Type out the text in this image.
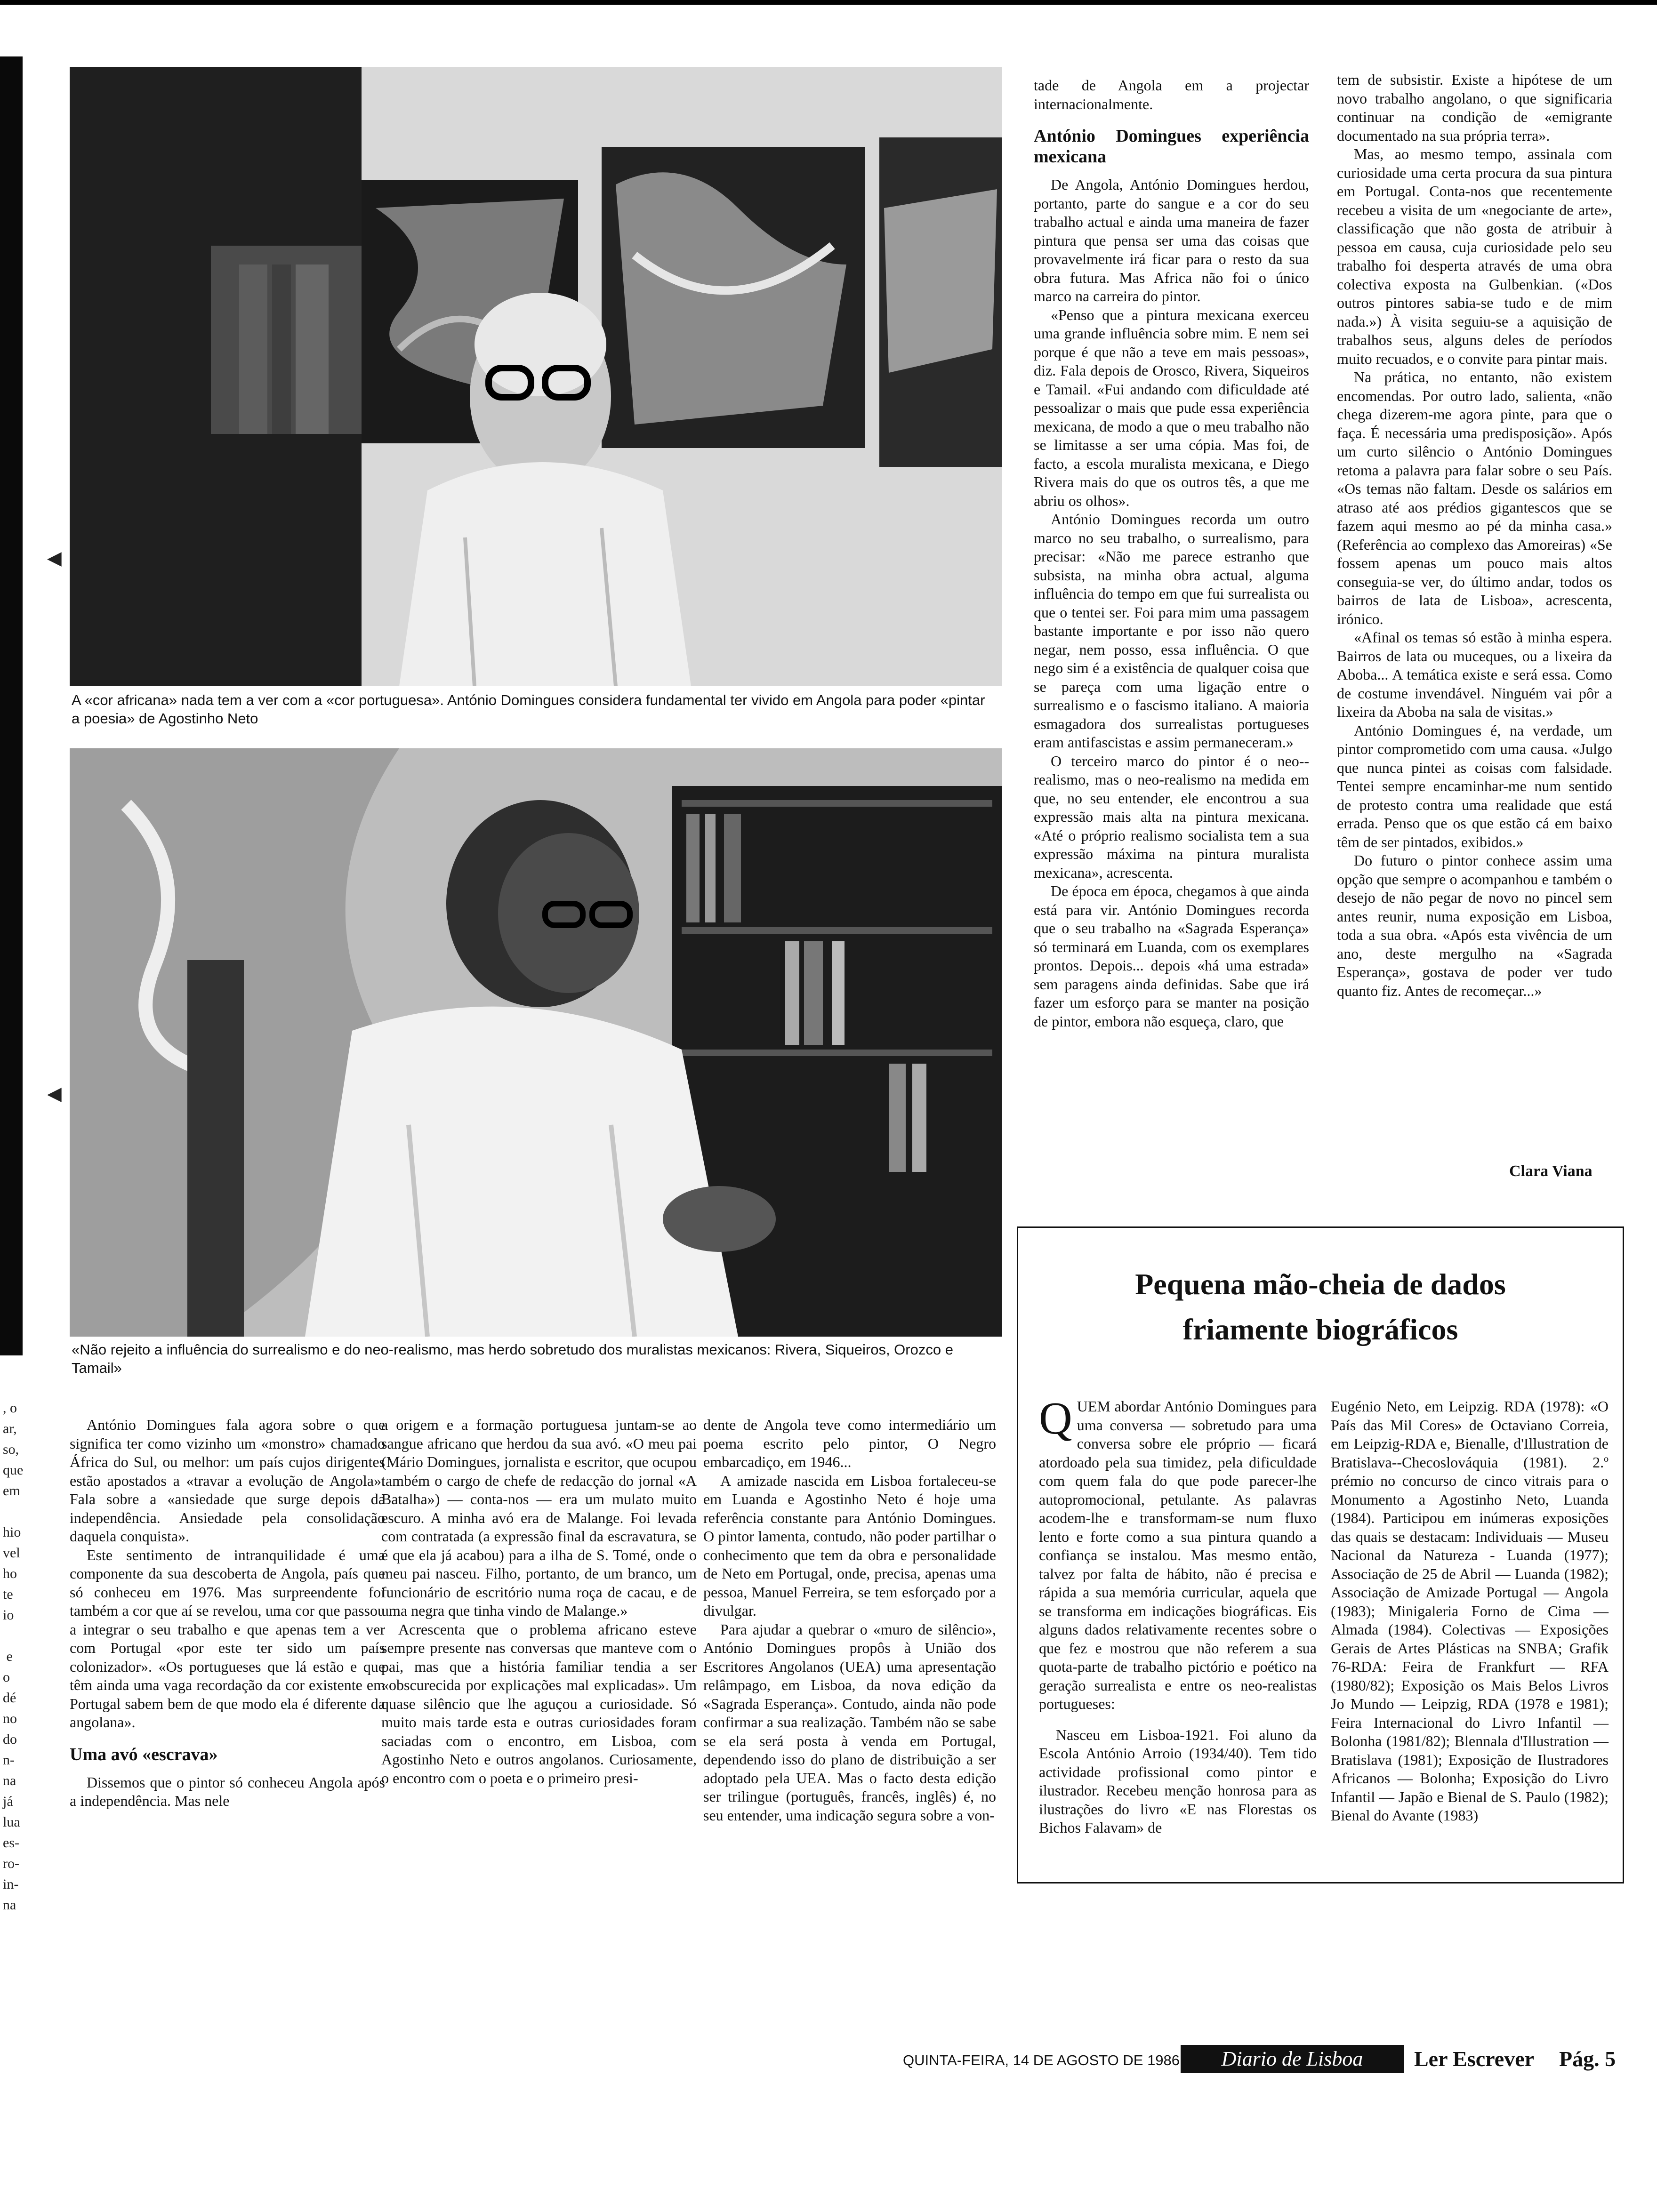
, o
ar,
so,
que
em

hio
vel
ho
te
io

e
o
dé
no
do
n-
na
já
lua
es-
ro-
in-
na
A «cor africana» nada tem a ver com a «cor portuguesa». António Domingues considera fundamental ter vivido em Angola para poder «pintar a poesia» de Agostinho Neto
«Não rejeito a influência do surrealismo e do neo-realismo, mas herdo sobretudo dos muralistas mexicanos: Rivera, Siqueiros, Orozco e Tamail»
◀
◀

tade de Angola em a projectar internacionalmente.

António Domingues experiência mexicana

De Angola, António Domingues herdou, portanto, parte do sangue e a cor do seu trabalho actual e ainda uma maneira de fazer pintura que pensa ser uma das coisas que provavelmente irá ficar para o resto da sua obra futura. Mas Africa não foi o único marco na carreira do pintor.

«Penso que a pintura mexicana exerceu uma grande influência sobre mim. E nem sei porque é que não a teve em mais pessoas», diz. Fala depois de Orosco, Rivera, Siqueiros e Tamail. «Fui andando com dificuldade até pessoalizar o mais que pude essa experiência mexicana, de modo a que o meu trabalho não se limitasse a ser uma cópia. Mas foi, de facto, a escola muralista mexicana, e Diego Rivera mais do que os outros tês, a que me abriu os olhos».

António Domingues recorda um outro marco no seu trabalho, o surrealismo, para precisar: «Não me parece estranho que subsista, na minha obra actual, alguma influência do tempo em que fui surrealista ou que o tentei ser. Foi para mim uma passagem bastante importante e por isso não quero negar, nem posso, essa influência. O que nego sim é a existência de qualquer coisa que se pareça com uma ligação entre o surrealismo e o fascismo italiano. A maioria esmagadora dos surrealistas portugueses eram antifascistas e assim permaneceram.»

O terceiro marco do pintor é o neo--realismo, mas o neo-realismo na medida em que, no seu entender, ele encontrou a sua expressão mais alta na pintura mexicana. «Até o próprio realismo socialista tem a sua expressão máxima na pintura muralista mexicana», acrescenta.

De época em época, chegamos à que ainda está para vir. António Domingues recorda que o seu trabalho na «Sagrada Esperança» só terminará em Luanda, com os exemplares prontos. Depois... depois «há uma estrada» sem paragens ainda definidas. Sabe que irá fazer um esforço para se manter na posição de pintor, embora não esqueça, claro, que

tem de subsistir. Existe a hipótese de um novo trabalho angolano, o que significaria continuar na condição de «emigrante documentado na sua própria terra».

Mas, ao mesmo tempo, assinala com curiosidade uma certa procura da sua pintura em Portugal. Conta-nos que recentemente recebeu a visita de um «negociante de arte», classificação que não gosta de atribuir à pessoa em causa, cuja curiosidade pelo seu trabalho foi desperta através de uma obra colectiva exposta na Gulbenkian. («Dos outros pintores sabia-se tudo e de mim nada.») À visita seguiu-se a aquisição de trabalhos seus, alguns deles de períodos muito recuados, e o convite para pintar mais.

Na prática, no entanto, não existem encomendas. Por outro lado, salienta, «não chega dizerem-me agora pinte, para que o faça. É necessária uma predisposição». Após um curto silêncio o António Domingues retoma a palavra para falar sobre o seu País. «Os temas não faltam. Desde os salários em atraso até aos prédios gigantescos que se fazem aqui mesmo ao pé da minha casa.» (Referência ao complexo das Amoreiras) «Se fossem apenas um pouco mais altos conseguia-se ver, do último andar, todos os bairros de lata de Lisboa», acrescenta, irónico.

«Afinal os temas só estão à minha espera. Bairros de lata ou muceques, ou a lixeira da Aboba... A temática existe e será essa. Como de costume invendável. Ninguém vai pôr a lixeira da Aboba na sala de visitas.»

António Domingues é, na verdade, um pintor comprometido com uma causa. «Julgo que nunca pintei as coisas com falsidade. Tentei sempre encaminhar-me num sentido de protesto contra uma realidade que está errada. Penso que os que estão cá em baixo têm de ser pintados, exibidos.»

Do futuro o pintor conhece assim uma opção que sempre o acompanhou e também o desejo de não pegar de novo no pincel sem antes reunir, numa exposição em Lisboa, toda a sua obra. «Após esta vivência de um ano, deste mergulho na «Sagrada Esperança», gostava de poder ver tudo quanto fiz. Antes de recomeçar...»

Clara Viana

António Domingues fala agora sobre o que significa ter como vizinho um «monstro» chamado África do Sul, ou melhor: um país cujos dirigentes estão apostados a «travar a evolução de Angola». Fala sobre a «ansiedade que surge depois da independência. Ansiedade pela consolidação daquela conquista».

Este sentimento de intranquilidade é uma componente da sua descoberta de Angola, país que só conheceu em 1976. Mas surpreendente foi também a cor que aí se revelou, uma cor que passou a integrar o seu trabalho e que apenas tem a ver com Portugal «por este ter sido um país colonizador». «Os portugueses que lá estão e que têm ainda uma vaga recordação da cor existente em Portugal sabem bem de que modo ela é diferente da angolana».

Uma avó «escrava»

Dissemos que o pintor só conheceu Angola após a independência. Mas nele

a origem e a formação portuguesa juntam-se ao sangue africano que herdou da sua avó. «O meu pai (Mário Domingues, jornalista e escritor, que ocupou também o cargo de chefe de redacção do jornal «A Batalha») — conta-nos — era um mulato muito escuro. A minha avó era de Malange. Foi levada com contratada (a expressão final da escravatura, se é que ela já acabou) para a ilha de S. Tomé, onde o meu pai nasceu. Filho, portanto, de um branco, um funcionário de escritório numa roça de cacau, e de uma negra que tinha vindo de Malange.»

Acrescenta que o problema africano esteve sempre presente nas conversas que manteve com o pai, mas que a história familiar tendia a ser «obscurecida por explicações mal explicadas». Um quase silêncio que lhe aguçou a curiosidade. Só muito mais tarde esta e outras curiosidades foram saciadas com o encontro, em Lisboa, com Agostinho Neto e outros angolanos. Curiosamente, o encontro com o poeta e o primeiro presi-

dente de Angola teve como intermediário um poema escrito pelo pintor, O Negro embarcadiço, em 1946...

A amizade nascida em Lisboa fortaleceu-se em Luanda e Agostinho Neto é hoje uma referência constante para António Domingues. O pintor lamenta, contudo, não poder partilhar o conhecimento que tem da obra e personalidade de Neto em Portugal, onde, precisa, apenas uma pessoa, Manuel Ferreira, se tem esforçado por a divulgar.

Para ajudar a quebrar o «muro de silêncio», António Domingues propôs à União dos Escritores Angolanos (UEA) uma apresentação relâmpago, em Lisboa, da nova edição da «Sagrada Esperança». Contudo, ainda não pode confirmar a sua realização. Também não se sabe se ela será posta à venda em Portugal, dependendo isso do plano de distribuição a ser adoptado pela UEA. Mas o facto desta edição ser trilingue (português, francês, inglês) é, no seu entender, uma indicação segura sobre a von-

Pequena mão-cheia de dados
friamente biográficos

QUEM abordar António Domingues para uma conversa — sobretudo para uma conversa sobre ele próprio — ficará atordoado pela sua timidez, pela dificuldade com quem fala do que pode parecer-lhe autopromocional, petulante. As palavras acodem-lhe e transformam-se num fluxo lento e forte como a sua pintura quando a confiança se instalou. Mas mesmo então, talvez por falta de hábito, não é precisa e rápida a sua memória curricular, aquela que se transforma em indicações biográficas. Eis alguns dados relativamente recentes sobre o que fez e mostrou que não referem a sua quota-parte de trabalho pictório e poético na geração surrealista e entre os neo-realistas portugueses:

Nasceu em Lisboa-1921. Foi aluno da Escola António Arroio (1934/40). Tem tido actividade profissional como pintor e ilustrador. Recebeu menção honrosa para as ilustrações do livro «E nas Florestas os Bichos Falavam» de

Eugénio Neto, em Leipzig. RDA (1978): «O País das Mil Cores» de Octaviano Correia, em Leipzig-RDA e, Bienalle, d'Illustration de Bratislava--Checoslováquia (1981). 2.º prémio no concurso de cinco vitrais para o Monumento a Agostinho Neto, Luanda (1984). Participou em inúmeras exposições das quais se destacam: Individuais — Museu Nacional da Natureza - Luanda (1977); Associação de 25 de Abril — Luanda (1982); Associação de Amizade Portugal — Angola (1983); Minigaleria Forno de Cima — Almada (1984). Colectivas — Exposições Gerais de Artes Plásticas na SNBA; Grafik 76-RDA: Feira de Frankfurt — RFA (1980/82); Exposição os Mais Belos Livros Jo Mundo — Leipzig, RDA (1978 e 1981); Feira Internacional do Livro Infantil — Bolonha (1981/82); Blennala d'Illustration — Bratislava (1981); Exposição de Ilustradores Africanos — Bolonha; Exposição do Livro Infantil — Japão e Bienal de S. Paulo (1982); Bienal do Avante (1983)

QUINTA-FEIRA, 14 DE AGOSTO DE 1986	Diario de Lisboa	Ler Escrever Pág. 5
